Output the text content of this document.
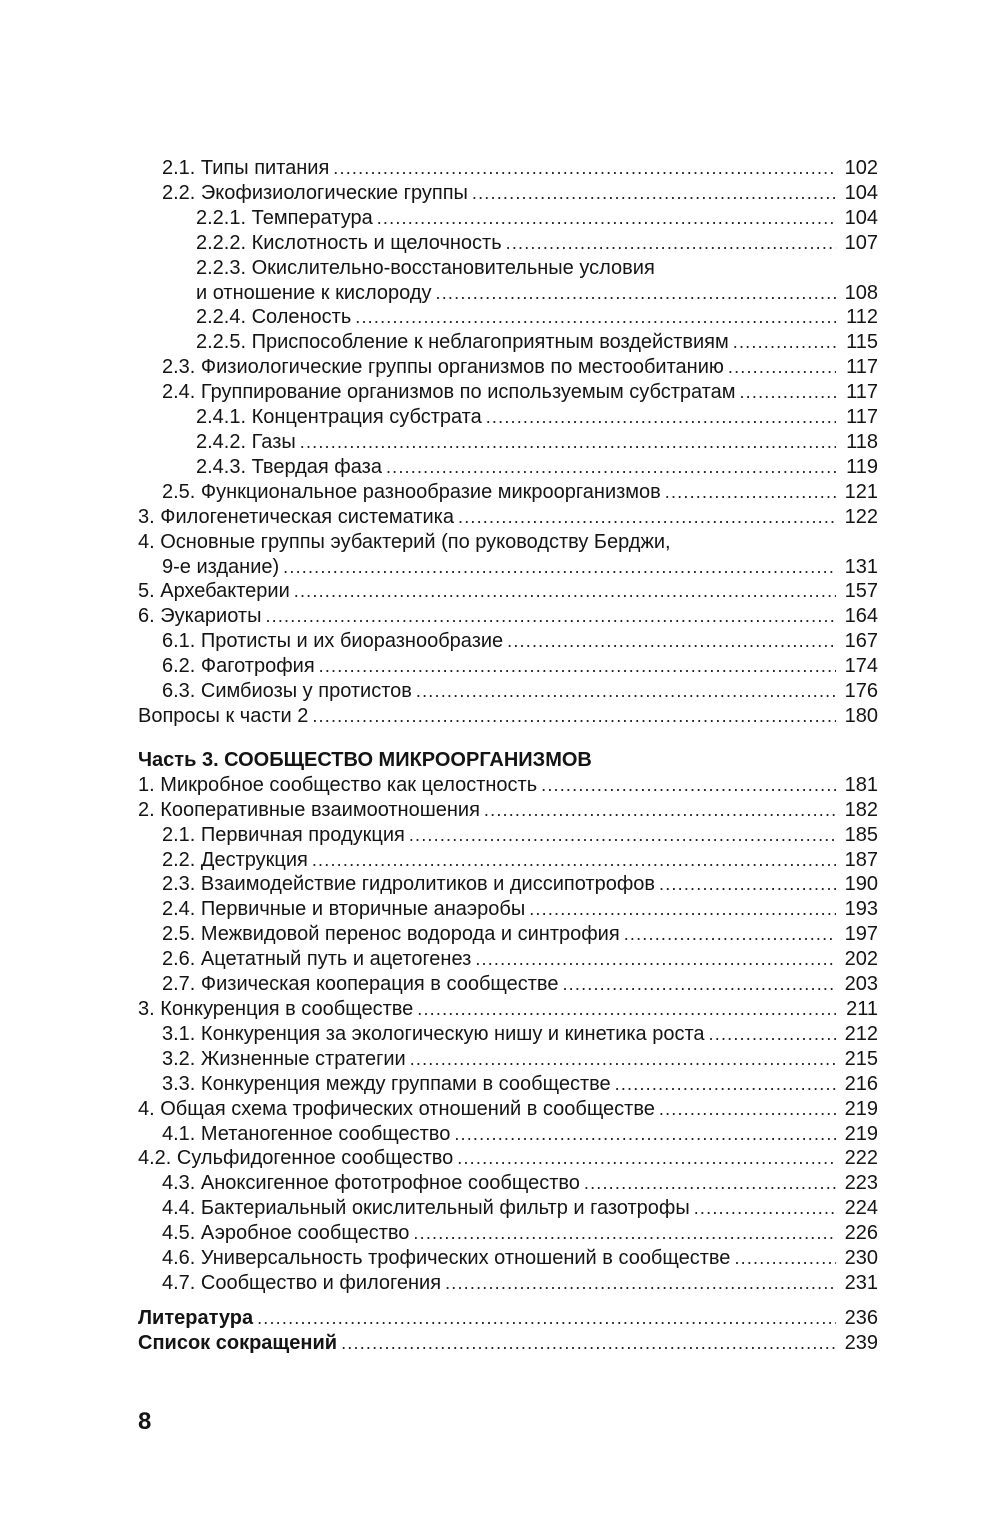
2.1. Типы питания .....	102
2.2. Экофизиологические группы .....	104
2.2.1. Температура .....	104
2.2.2. Кислотность и щелочность .....	107
2.2.3. Окислительно-восстановительные условия
и отношение к кислороду .....	108
2.2.4. Соленость .....	112
2.2.5. Приспособление к неблагоприятным воздействиям .....	115
2.3. Физиологические группы организмов по местообитанию .....	117
2.4. Группирование организмов по используемым субстратам .....	117
2.4.1. Концентрация субстрата .....	117
2.4.2. Газы .....	118
2.4.3. Твердая фаза .....	119
2.5. Функциональное разнообразие микроорганизмов .....	121
3. Филогенетическая систематика .....	122
4. Основные группы эубактерий (по руководству Берджи,
9-е издание) .....	131
5. Архебактерии .....	157
6. Эукариоты .....	164
6.1. Протисты и их биоразнообразие .....	167
6.2. Фаготрофия .....	174
6.3. Симбиозы у протистов .....	176
Вопросы к части 2 .....	180
Часть 3. СООБЩЕСТВО МИКРООРГАНИЗМОВ
1. Микробное сообщество как целостность .....	181
2. Кооперативные взаимоотношения .....	182
2.1. Первичная продукция .....	185
2.2. Деструкция .....	187
2.3. Взаимодействие гидролитиков и диссипотрофов .....	190
2.4. Первичные и вторичные анаэробы .....	193
2.5. Межвидовой перенос водорода и синтрофия .....	197
2.6. Ацетатный путь и ацетогенез .....	202
2.7. Физическая кооперация в сообществе .....	203
3. Конкуренция в сообществе .....	211
3.1. Конкуренция за экологическую нишу и кинетика роста .....	212
3.2. Жизненные стратегии .....	215
3.3. Конкуренция между группами в сообществе .....	216
4. Общая схема трофических отношений в сообществе .....	219
4.1. Метаногенное сообщество .....	219
4.2. Сульфидогенное сообщество .....	222
4.3. Аноксигенное фототрофное сообщество .....	223
4.4. Бактериальный окислительный фильтр и газотрофы .....	224
4.5. Аэробное сообщество .....	226
4.6. Универсальность трофических отношений в сообществе .....	230
4.7. Сообщество и филогения .....	231
Литература .....	236
Список сокращений .....	239
8
